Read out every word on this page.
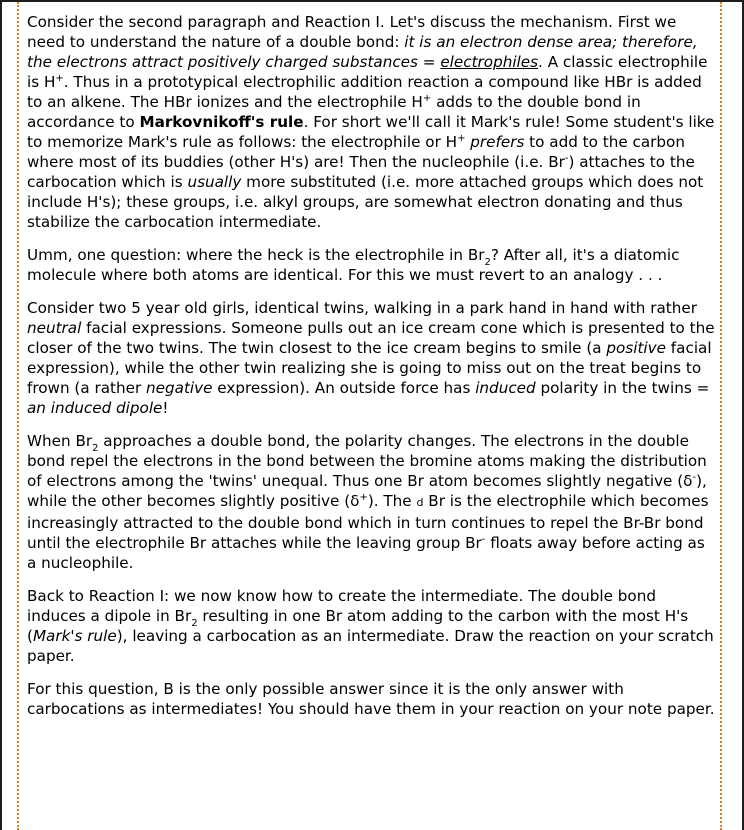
Consider the second paragraph and Reaction I. Let's discuss the mechanism. First we need to understand the nature of a double bond: it is an electron dense area; therefore, the electrons attract positively charged substances = electrophiles. A classic electrophile is H+. Thus in a prototypical electrophilic addition reaction a compound like HBr is added to an alkene. The HBr ionizes and the electrophile H+ adds to the double bond in accordance to Markovnikoff's rule. For short we'll call it Mark's rule! Some student's like to memorize Mark's rule as follows: the electrophile or H+ prefers to add to the carbon where most of its buddies (other H's) are! Then the nucleophile (i.e. Br-) attaches to the carbocation which is usually more substituted (i.e. more attached groups which does not include H's); these groups, i.e. alkyl groups, are somewhat electron donating and thus stabilize the carbocation intermediate.

Umm, one question: where the heck is the electrophile in $Br_2$? After all, it's a diatomic molecule where both atoms are identical. For this we must revert to an analogy . . .

Consider two 5 year old girls, identical twins, walking in a park hand in hand with rather neutral facial expressions. Someone pulls out an ice cream cone which is presented to the closer of the two twins. The twin closest to the ice cream begins to smile (a positive facial expression), while the other twin realizing she is going to miss out on the treat begins to frown (a rather negative expression). An outside force has induced polarity in the twins = an induced dipole!

When $Br_2$ approaches a double bond, the polarity changes. The electrons in the double bond repel the electrons in the bond between the bromine atoms making the distribution of electrons among the 'twins' unequal. Thus one Br atom becomes slightly negative (δ-), while the other becomes slightly positive (δ+). The d Br is the electrophile which becomes increasingly attracted to the double bond which in turn continues to repel the Br-Br bond until the electrophile Br attaches while the leaving group Br- floats away before acting as a nucleophile.

Back to Reaction I: we now know how to create the intermediate. The double bond induces a dipole in $Br_2$ resulting in one Br atom adding to the carbon with the most H's (Mark's rule), leaving a carbocation as an intermediate. Draw the reaction on your scratch paper.

For this question, B is the only possible answer since it is the only answer with carbocations as intermediates! You should have them in your reaction on your note paper.
